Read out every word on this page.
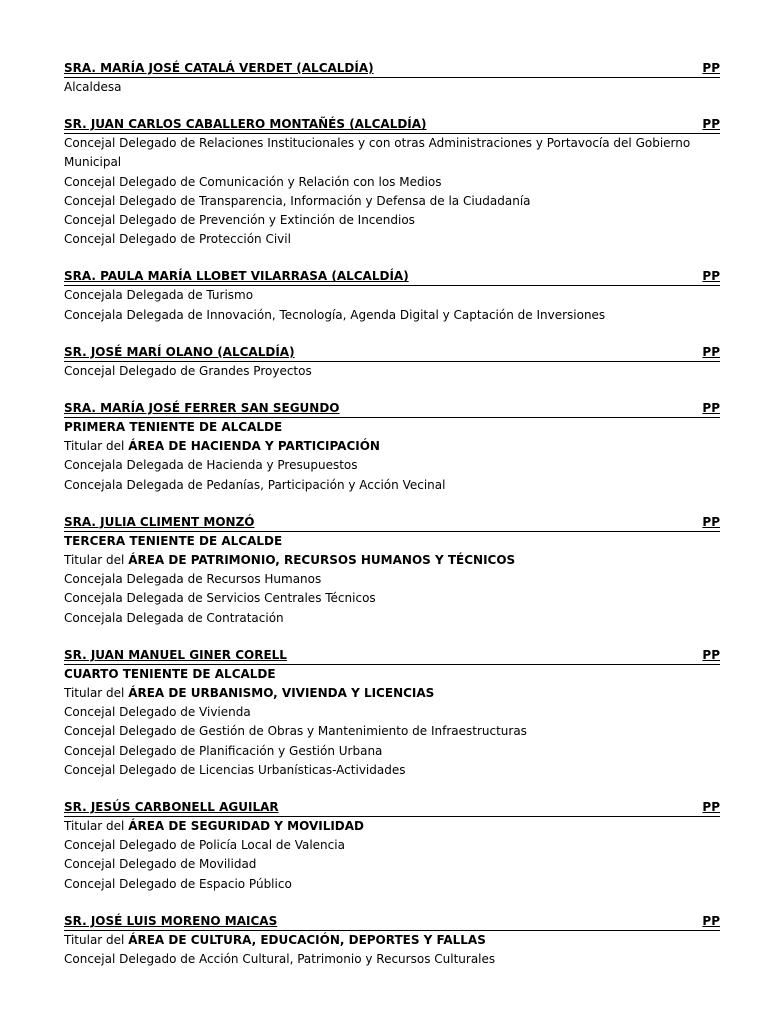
SRA. MARÍA JOSÉ CATALÁ VERDET (ALCALDÍA)	PP
Alcaldesa
SR. JUAN CARLOS CABALLERO MONTAÑÉS (ALCALDÍA)	PP
Concejal Delegado de Relaciones Institucionales y con otras Administraciones y Portavocía del Gobierno Municipal
Concejal Delegado de Comunicación y Relación con los Medios
Concejal Delegado de Transparencia, Información y Defensa de la Ciudadanía
Concejal Delegado de Prevención y Extinción de Incendios
Concejal Delegado de Protección Civil
SRA. PAULA MARÍA LLOBET VILARRASA (ALCALDÍA)	PP
Concejala Delegada de Turismo
Concejala Delegada de Innovación, Tecnología, Agenda Digital y Captación de Inversiones
SR. JOSÉ MARÍ OLANO (ALCALDÍA)	PP
Concejal Delegado de Grandes Proyectos
SRA. MARÍA JOSÉ FERRER SAN SEGUNDO	PP
PRIMERA TENIENTE DE ALCALDE
Titular del ÁREA DE HACIENDA Y PARTICIPACIÓN
Concejala Delegada de Hacienda y Presupuestos
Concejala Delegada de Pedanías, Participación y Acción Vecinal
SRA. JULIA CLIMENT MONZÓ	PP
TERCERA TENIENTE DE ALCALDE
Titular del ÁREA DE PATRIMONIO, RECURSOS HUMANOS Y TÉCNICOS
Concejala Delegada de Recursos Humanos
Concejala Delegada de Servicios Centrales Técnicos
Concejala Delegada de Contratación
SR. JUAN MANUEL GINER CORELL	PP
CUARTO TENIENTE DE ALCALDE
Titular del ÁREA DE URBANISMO, VIVIENDA Y LICENCIAS
Concejal Delegado de Vivienda
Concejal Delegado de Gestión de Obras y Mantenimiento de Infraestructuras
Concejal Delegado de Planificación y Gestión Urbana
Concejal Delegado de Licencias Urbanísticas-Actividades
SR. JESÚS CARBONELL AGUILAR	PP
Titular del ÁREA DE SEGURIDAD Y MOVILIDAD
Concejal Delegado de Policía Local de Valencia
Concejal Delegado de Movilidad
Concejal Delegado de Espacio Público
SR. JOSÉ LUIS MORENO MAICAS	PP
Titular del ÁREA DE CULTURA, EDUCACIÓN, DEPORTES Y FALLAS
Concejal Delegado de Acción Cultural, Patrimonio y Recursos Culturales
